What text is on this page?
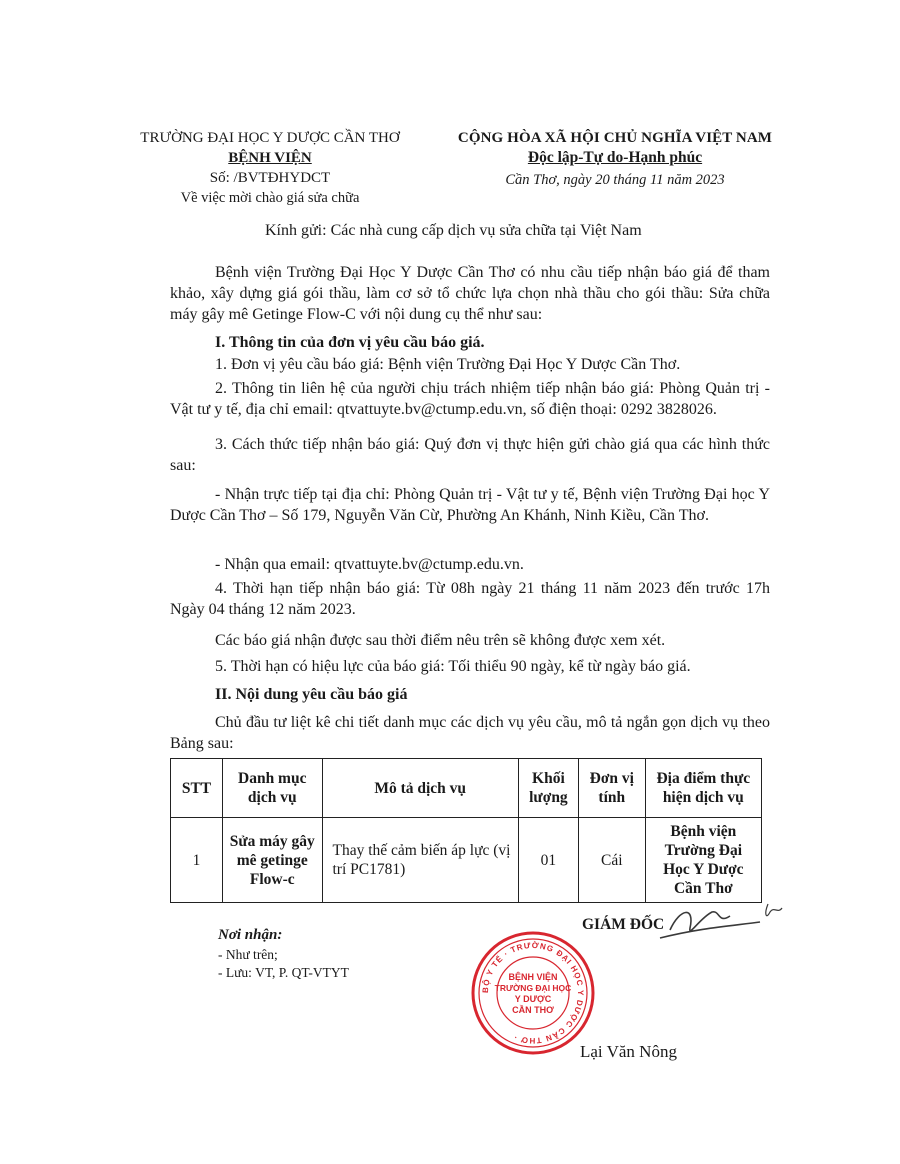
TRƯỜNG ĐẠI HỌC Y DƯỢC CẦN THƠ
BỆNH VIỆN
Số: /BVTĐHYDCT
Về việc mời chào giá sửa chữa
CỘNG HÒA XÃ HỘI CHỦ NGHĨA VIỆT NAM
Độc lập-Tự do-Hạnh phúc
Cần Thơ, ngày 20 tháng 11 năm 2023
Kính gửi: Các nhà cung cấp dịch vụ sửa chữa tại Việt Nam
Bệnh viện Trường Đại Học Y Dược Cần Thơ có nhu cầu tiếp nhận báo giá để tham khảo, xây dựng giá gói thầu, làm cơ sở tổ chức lựa chọn nhà thầu cho gói thầu: Sửa chữa máy gây mê Getinge Flow-C với nội dung cụ thể như sau:
I. Thông tin của đơn vị yêu cầu báo giá.
1. Đơn vị yêu cầu báo giá: Bệnh viện Trường Đại Học Y Dược Cần Thơ.
2. Thông tin liên hệ của người chịu trách nhiệm tiếp nhận báo giá: Phòng Quản trị - Vật tư y tế, địa chỉ email: qtvattuyte.bv@ctump.edu.vn, số điện thoại: 0292 3828026.
3. Cách thức tiếp nhận báo giá: Quý đơn vị thực hiện gửi chào giá qua các hình thức sau:
- Nhận trực tiếp tại địa chỉ: Phòng Quản trị - Vật tư y tế, Bệnh viện Trường Đại học Y Dược Cần Thơ – Số 179, Nguyễn Văn Cừ, Phường An Khánh, Ninh Kiều, Cần Thơ.
- Nhận qua email: qtvattuyte.bv@ctump.edu.vn.
4. Thời hạn tiếp nhận báo giá: Từ 08h ngày 21 tháng 11 năm 2023 đến trước 17h Ngày 04 tháng 12 năm 2023.
Các báo giá nhận được sau thời điểm nêu trên sẽ không được xem xét.
5. Thời hạn có hiệu lực của báo giá: Tối thiểu 90 ngày, kể từ ngày báo giá.
II. Nội dung yêu cầu báo giá
Chủ đầu tư liệt kê chi tiết danh mục các dịch vụ yêu cầu, mô tả ngắn gọn dịch vụ theo Bảng sau:
STT	Danh mục dịch vụ	Mô tả dịch vụ	Khối lượng	Đơn vị tính	Địa điểm thực hiện dịch vụ
1	Sửa máy gây mê getinge Flow-c	Thay thế cảm biến áp lực (vị trí PC1781)	01	Cái	Bệnh viện Trường Đại Học Y Dược Cần Thơ
Nơi nhận:
- Như trên;
- Lưu: VT, P. QT-VTYT
GIÁM ĐỐC
BỘ Y TẾ · TRƯỜNG ĐẠI HỌC Y DƯỢC CẦN THƠ ·
BỆNH VIỆN
TRƯỜNG ĐẠI HỌC
Y DƯỢC
CẦN THƠ
Lại Văn Nông
